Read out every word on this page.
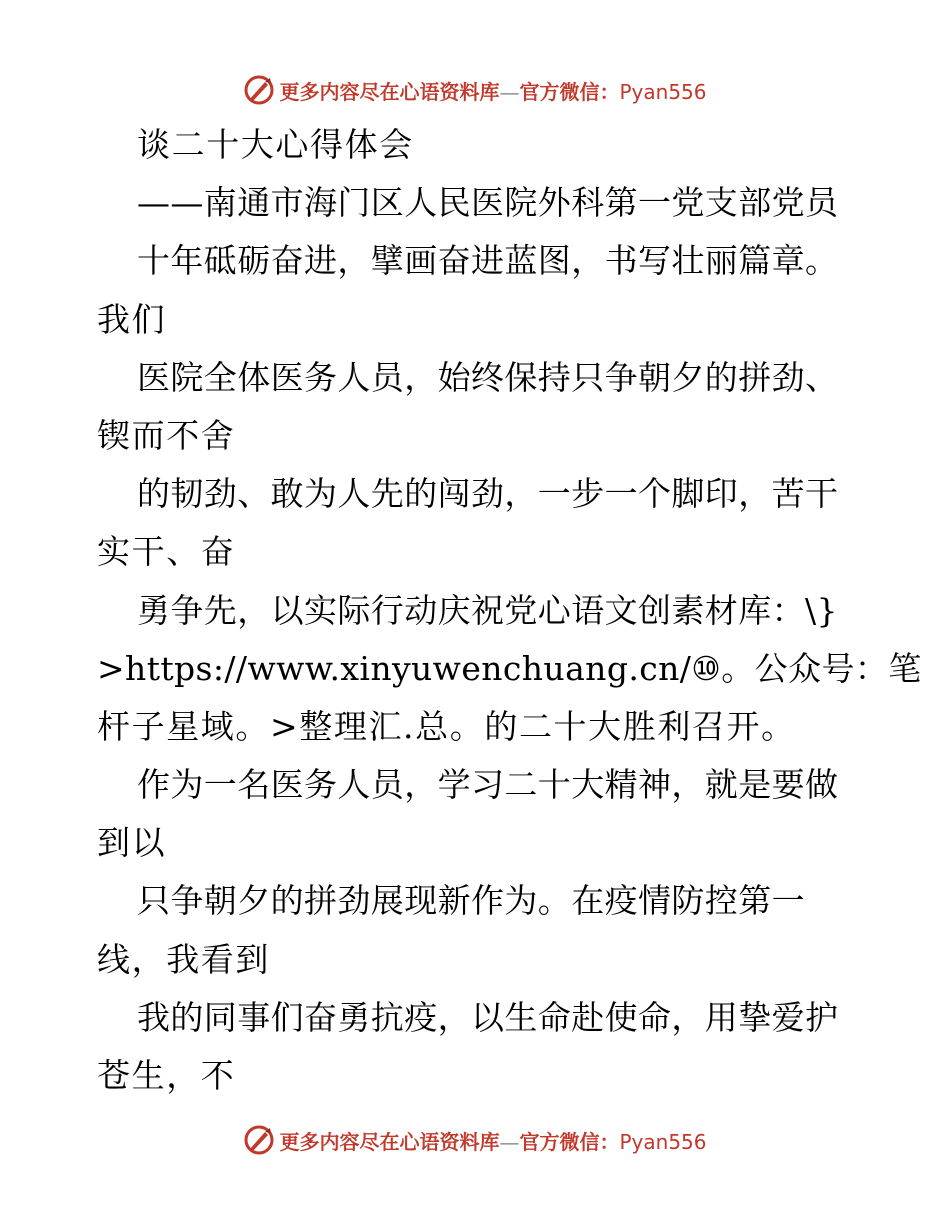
更多内容尽在心语资料库—官方微信：Pyan556
谈二十大心得体会
——南通市海门区人民医院外科第一党支部党员
十年砥砺奋进，擘画奋进蓝图，书写壮丽篇章。
我们
医院全体医务人员，始终保持只争朝夕的拼劲、
锲而不舍
的韧劲、敢为人先的闯劲，一步一个脚印，苦干
实干、奋
勇争先，以实际行动庆祝党心语文创素材库：\}
>https://www.xinyuwenchuang.cn/⑩。公众号：笔
杆子星域。>整理汇.总。的二十大胜利召开。
作为一名医务人员，学习二十大精神，就是要做
到以
只争朝夕的拼劲展现新作为。在疫情防控第一
线，我看到
我的同事们奋勇抗疫，以生命赴使命，用挚爱护
苍生，不
更多内容尽在心语资料库—官方微信：Pyan556
